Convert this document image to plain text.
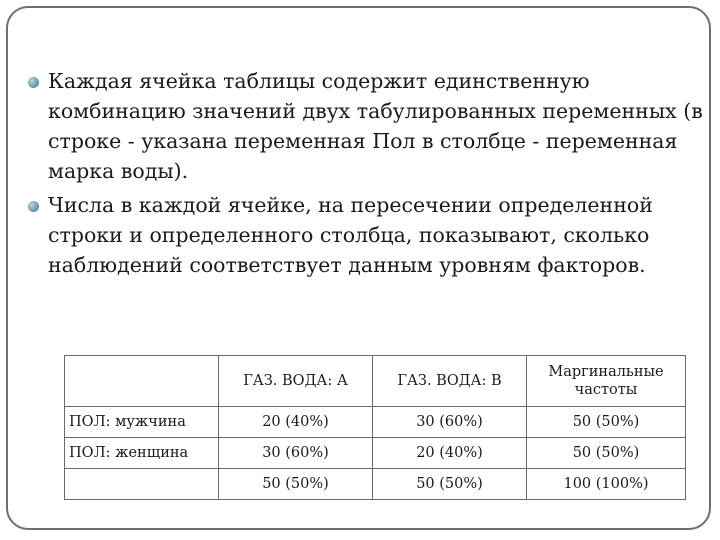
Каждая ячейка таблицы содержит единственную комбинацию значений двух табулированных переменных (в строке - указана переменная Пол в столбце - переменная марка воды).

Числа в каждой ячейке, на пересечении определенной строки и определенного столбца, показывают, сколько наблюдений соответствует данным уровням факторов.

	ГАЗ. ВОДА: А	ГАЗ. ВОДА: В	Маргинальные частоты

ПОЛ: мужчина	20 (40%)	30 (60%)	50 (50%)
ПОЛ: женщина	30 (60%)	20 (40%)	50 (50%)
	50 (50%)	50 (50%)	100 (100%)
